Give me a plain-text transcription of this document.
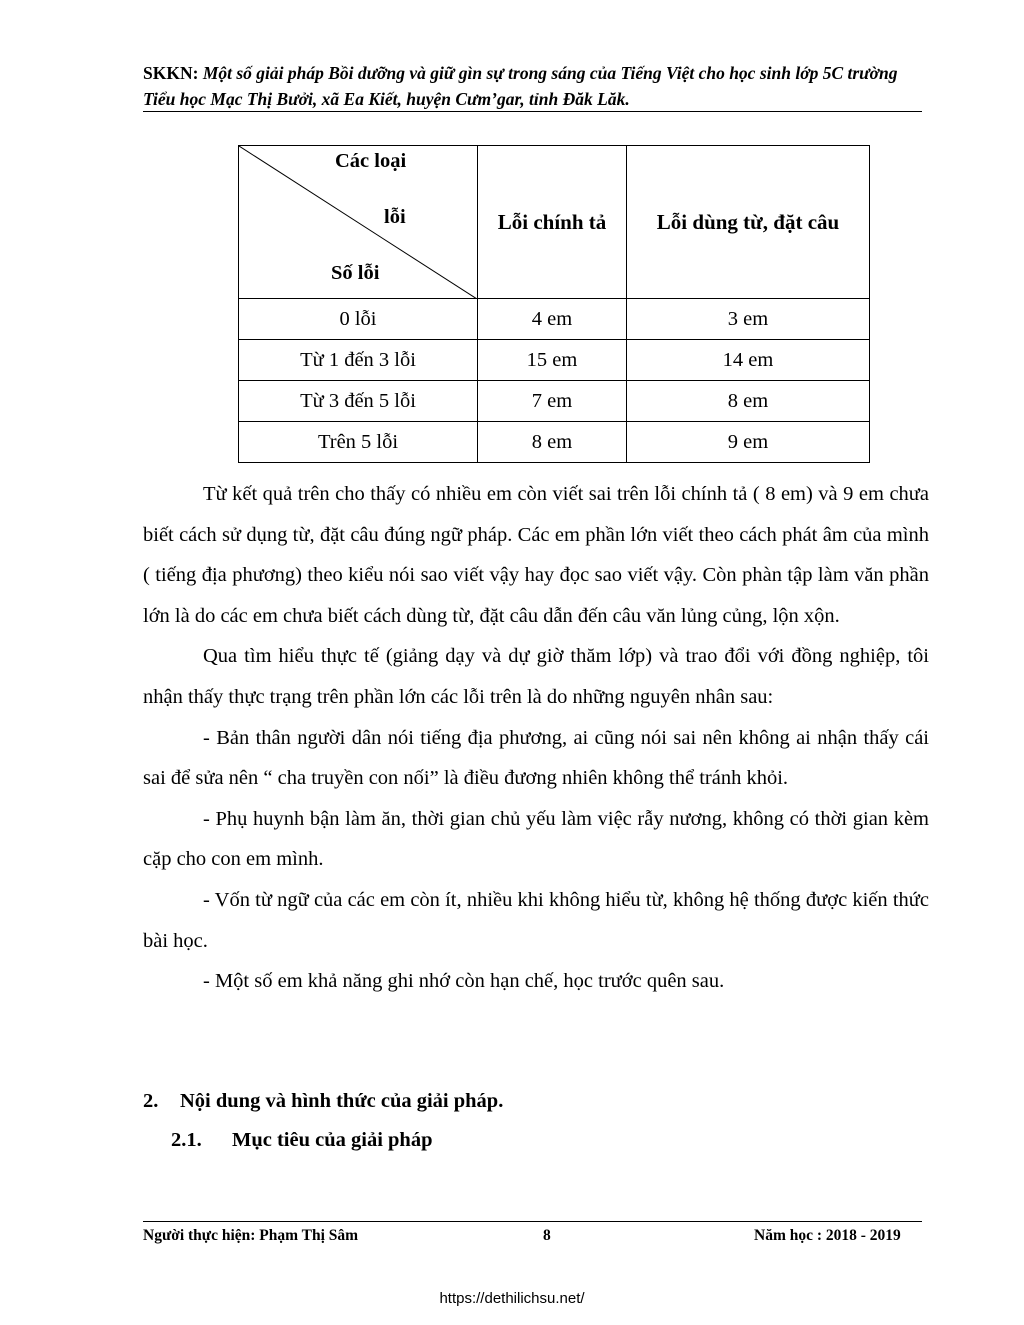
SKKN: Một số giải pháp Bồi dưỡng và giữ gìn sự trong sáng của Tiếng Việt cho học sinh lớp 5C trường Tiểu học Mạc Thị Bưởi, xã Ea Kiết, huyện Cưm’gar, tỉnh Đăk Lăk.
Các loại
lỗi
Số lỗi	Lỗi chính tả	Lỗi dùng từ, đặt câu
0 lỗi	4 em	3 em
Từ 1 đến 3 lỗi	15 em	14 em
Từ 3 đến 5 lỗi	7 em	8 em
Trên 5 lỗi	8 em	9 em

Từ kết quả trên cho thấy có nhiều em còn viết sai trên lỗi chính tả ( 8 em) và 9 em chưa biết cách sử dụng từ, đặt câu đúng ngữ pháp. Các em phần lớn viết theo cách phát âm của mình ( tiếng địa phương) theo kiểu nói sao viết vậy hay đọc sao viết vậy. Còn phàn tập làm văn phần lớn là do các em chưa biết cách dùng từ, đặt câu dẫn đến câu văn lủng củng, lộn xộn.

Qua tìm hiểu thực tế (giảng dạy và dự giờ thăm lớp) và trao đổi với đồng nghiệp, tôi nhận thấy thực trạng trên phần lớn các lỗi trên là do những nguyên nhân sau:

- Bản thân người dân nói tiếng địa phương, ai cũng nói sai nên không ai nhận thấy cái sai để sửa nên “ cha truyền con nối” là điều đương nhiên không thể tránh khỏi.

- Phụ huynh bận làm ăn, thời gian chủ yếu làm việc rẫy nương, không có thời gian kèm cặp cho con em mình.

- Vốn từ ngữ của các em còn ít, nhiều khi không hiểu từ, không hệ thống được kiến thức bài học.

- Một số em khả năng ghi nhớ còn hạn chế, học trước quên sau.

2. Nội dung và hình thức của giải pháp.
2.1. Mục tiêu của giải pháp
Người thực hiện: Phạm Thị Sâm	8	Năm học : 2018 - 2019
https://dethilichsu.net/
